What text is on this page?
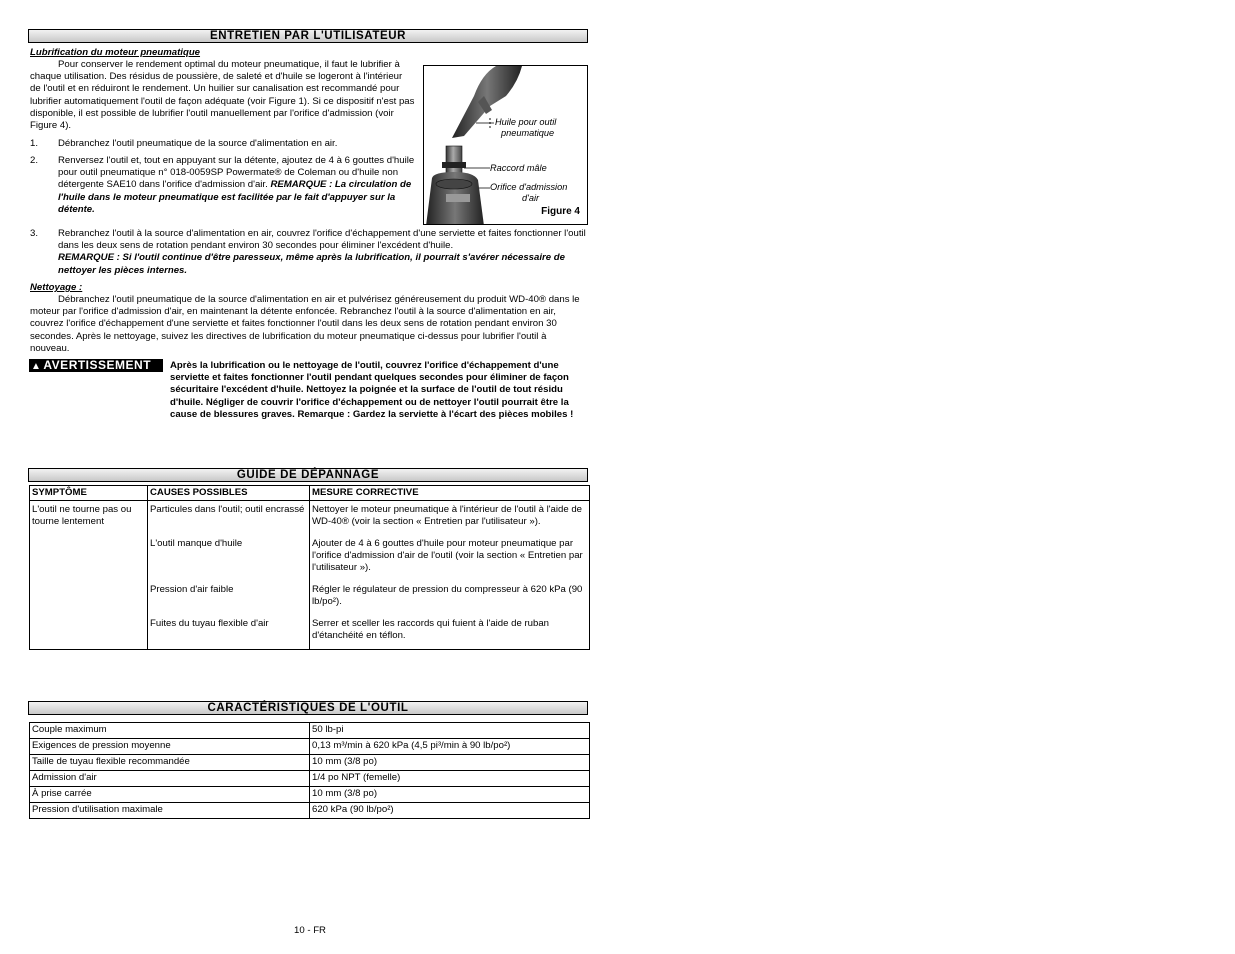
ENTRETIEN PAR L'UTILISATEUR
Lubrification du moteur pneumatique

Pour conserver le rendement optimal du moteur pneumatique, il faut le lubrifier à chaque utilisation. Des résidus de poussière, de saleté et d'huile se logeront à l'intérieur de l'outil et en réduiront le rendement. Un huilier sur canalisation est recommandé pour lubrifier automatiquement l'outil de façon adéquate (voir Figure 1). Si ce dispositif n'est pas disponible, il est possible de lubrifier l'outil manuellement par l'orifice d'admission (voir Figure 4).

1. Débranchez l'outil pneumatique de la source d'alimentation en air.
2. Renversez l'outil et, tout en appuyant sur la détente, ajoutez de 4 à 6 gouttes d'huile pour outil pneumatique n° 018-0059SP Powermate® de Coleman ou d'huile non détergente SAE10 dans l'orifice d'admission d'air. REMARQUE : La circulation de l'huile dans le moteur pneumatique est facilitée par le fait d'appuyer sur la détente.
Huile pour outil
pneumatique
Raccord mâle
Orifice d'admission
d'air
Figure 4
3. Rebranchez l'outil à la source d'alimentation en air, couvrez l'orifice d'échappement d'une serviette et faites fonctionner l'outil dans les deux sens de rotation pendant environ 30 secondes pour éliminer l'excédent d'huile.
REMARQUE : Si l'outil continue d'être paresseux, même après la lubrification, il pourrait s'avérer nécessaire de nettoyer les pièces internes.
Nettoyage :

Débranchez l'outil pneumatique de la source d'alimentation en air et pulvérisez généreusement du produit WD-40® dans le moteur par l'orifice d'admission d'air, en maintenant la détente enfoncée. Rebranchez l'outil à la source d'alimentation en air, couvrez l'orifice d'échappement d'une serviette et faites fonctionner l'outil dans les deux sens de rotation pendant environ 30 secondes. Après le nettoyage, suivez les directives de lubrification du moteur pneumatique ci-dessus pour lubrifier l'outil à nouveau.

▲ AVERTISSEMENT	Après la lubrification ou le nettoyage de l'outil, couvrez l'orifice d'échappement d'une serviette et faites fonctionner l'outil pendant quelques secondes pour éliminer de façon sécuritaire l'excédent d'huile. Nettoyez la poignée et la surface de l'outil de tout résidu d'huile. Négliger de couvrir l'orifice d'échappement ou de nettoyer l'outil pourrait être la cause de blessures graves. Remarque : Gardez la serviette à l'écart des pièces mobiles !
GUIDE DE DÉPANNAGE
SYMPTÔME	CAUSES POSSIBLES	MESURE CORRECTIVE
L'outil ne tourne pas ou tourne lentement	Particules dans l'outil; outil encrassé	Nettoyer le moteur pneumatique à l'intérieur de l'outil à l'aide de WD-40® (voir la section « Entretien par l'utilisateur »).
	L'outil manque d'huile	Ajouter de 4 à 6 gouttes d'huile pour moteur pneumatique par l'orifice d'admission d'air de l'outil (voir la section « Entretien par l'utilisateur »).
	Pression d'air faible	Régler le régulateur de pression du compresseur à 620 kPa (90 lb/po²).
	Fuites du tuyau flexible d'air	Serrer et sceller les raccords qui fuient à l'aide de ruban d'étanchéité en téflon.
CARACTÉRISTIQUES DE L'OUTIL
Couple maximum	50 lb-pi
Exigences de pression moyenne	0,13 m³/min à 620 kPa (4,5 pi³/min à 90 lb/po²)
Taille de tuyau flexible recommandée	10 mm (3/8 po)
Admission d'air	1/4 po NPT (femelle)
À prise carrée	10 mm (3/8 po)
Pression d'utilisation maximale	620 kPa (90 lb/po²)
10 - FR
